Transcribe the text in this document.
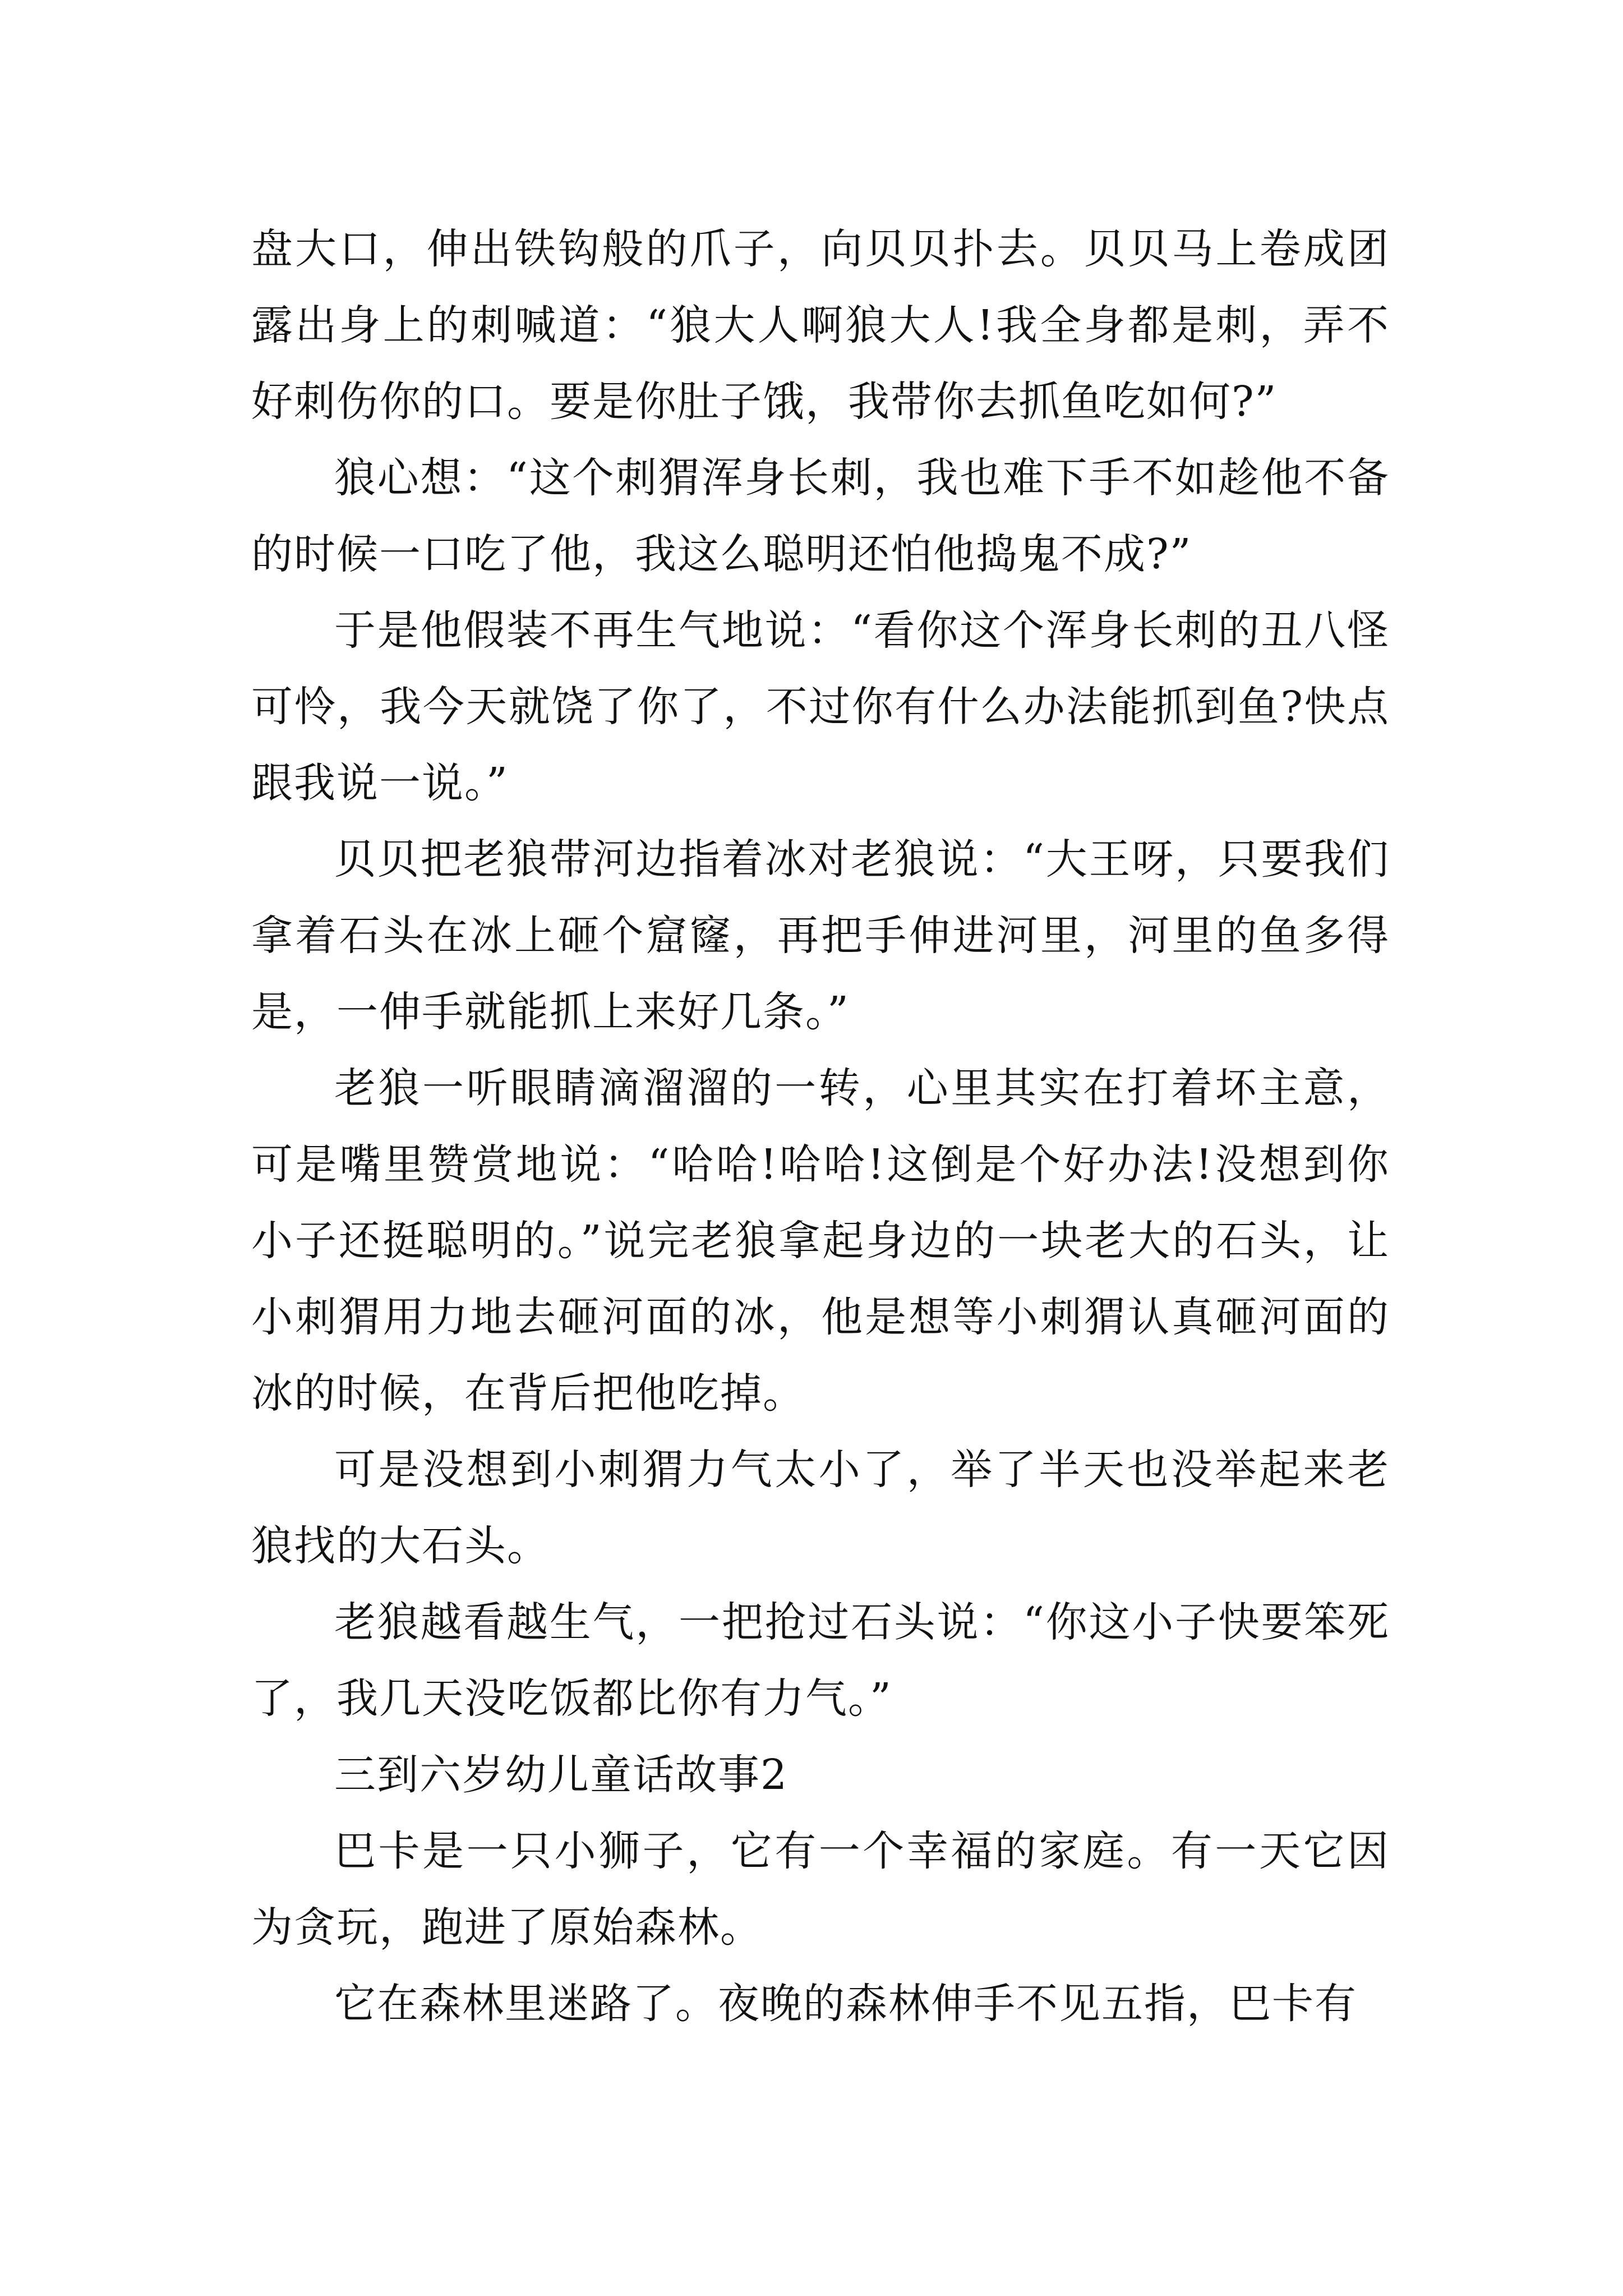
盘大口，伸出铁钩般的爪子，向贝贝扑去。贝贝马上卷成团露出身上的刺喊道：“狼大人啊狼大人!我全身都是刺，弄不好刺伤你的口。要是你肚子饿，我带你去抓鱼吃如何?”

狼心想：“这个刺猬浑身长刺，我也难下手不如趁他不备的时候一口吃了他，我这么聪明还怕他捣鬼不成?”

于是他假装不再生气地说：“看你这个浑身长刺的丑八怪可怜，我今天就饶了你了，不过你有什么办法能抓到鱼?快点跟我说一说。”

贝贝把老狼带河边指着冰对老狼说：“大王呀，只要我们拿着石头在冰上砸个窟窿，再把手伸进河里，河里的鱼多得是，一伸手就能抓上来好几条。”

老狼一听眼睛滴溜溜的一转，心里其实在打着坏主意，可是嘴里赞赏地说：“哈哈!哈哈!这倒是个好办法!没想到你小子还挺聪明的。”说完老狼拿起身边的一块老大的石头，让小刺猬用力地去砸河面的冰，他是想等小刺猬认真砸河面的冰的时候，在背后把他吃掉。

可是没想到小刺猬力气太小了，举了半天也没举起来老狼找的大石头。

老狼越看越生气，一把抢过石头说：“你这小子快要笨死了，我几天没吃饭都比你有力气。”

三到六岁幼儿童话故事2

巴卡是一只小狮子，它有一个幸福的家庭。有一天它因为贪玩，跑进了原始森林。

它在森林里迷路了。夜晚的森林伸手不见五指，巴卡有
